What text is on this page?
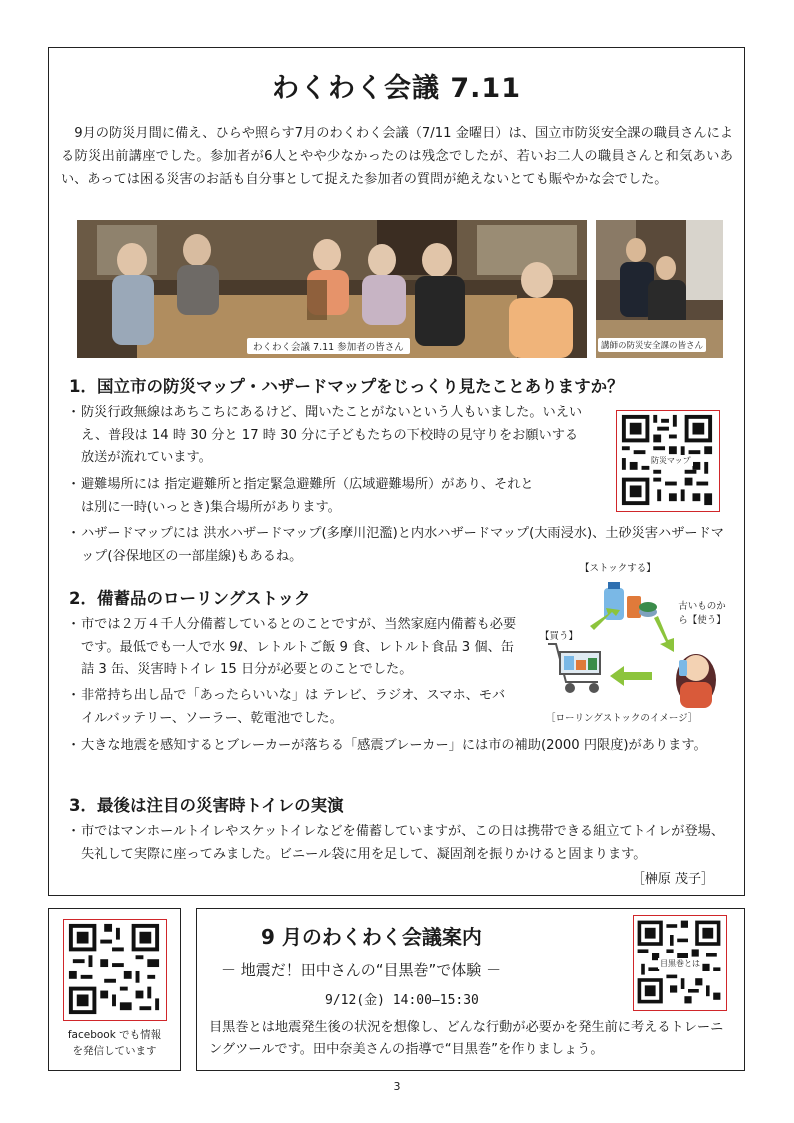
わくわく会議 7.11
9月の防災月間に備え、ひらや照らす7月のわくわく会議（7/11 金曜日）は、国立市防災安全課の職員さんによる防災出前講座でした。参加者が6人とやや少なかったのは残念でしたが、若いお二人の職員さんと和気あいあい、あっては困る災害のお話も自分事として捉えた参加者の質問が絶えないとても賑やかな会でした。
わくわく会議 7.11 参加者の皆さん	講師の防災安全課の皆さん
1．国立市の防災マップ・ハザードマップをじっくり見たことありますか？
・ 防災行政無線はあちこちにあるけど、聞いたことがないという人もいました。いえいえ、普段は 14 時 30 分と 17 時 30 分に子どもたちの下校時の見守りをお願いする放送が流れています。
・ 避難場所には 指定避難所と指定緊急避難所（広域避難場所）があり、それとは別に一時(いっとき)集合場所があります。
・ ハザードマップには 洪水ハザードマップ(多摩川氾濫)と内水ハザードマップ(大雨浸水)、土砂災害ハザードマップ(谷保地区の一部崖線)もあるね。
防災マップ
2．備蓄品のローリングストック
・ 市では２万４千人分備蓄しているとのことですが、当然家庭内備蓄も必要です。最低でも一人で水 9ℓ、レトルトご飯 9 食、レトルト食品 3 個、缶詰 3 缶、災害時トイレ 15 日分が必要とのことでした。
・ 非常持ち出し品で「あったらいいな」は テレビ、ラジオ、スマホ、モバイルバッテリー、ソーラー、乾電池でした。
・ 大きな地震を感知するとブレーカーが落ちる「感震ブレーカー」には市の補助(2000 円限度)があります。
【ストックする】
古いものから【使う】
【買う】
［ローリングストックのイメージ］
3．最後は注目の災害時トイレの実演
・ 市ではマンホールトイレやスケットイレなどを備蓄していますが、この日は携帯できる組立てトイレが登場、失礼して実際に座ってみました。ビニール袋に用を足して、凝固剤を振りかけると固まります。
［榊原 茂子］
facebook でも情報を発信しています
9 月のわくわく会議案内
－ 地震だ！田中さんの“目黒巻”で体験 －
9/12(金) 14:00–15:30
目黒巻とは地震発生後の状況を想像し、どんな行動が必要かを発生前に考えるトレーニングツールです。田中奈美さんの指導で“目黒巻”を作りましょう。
目黒巻とは
3
